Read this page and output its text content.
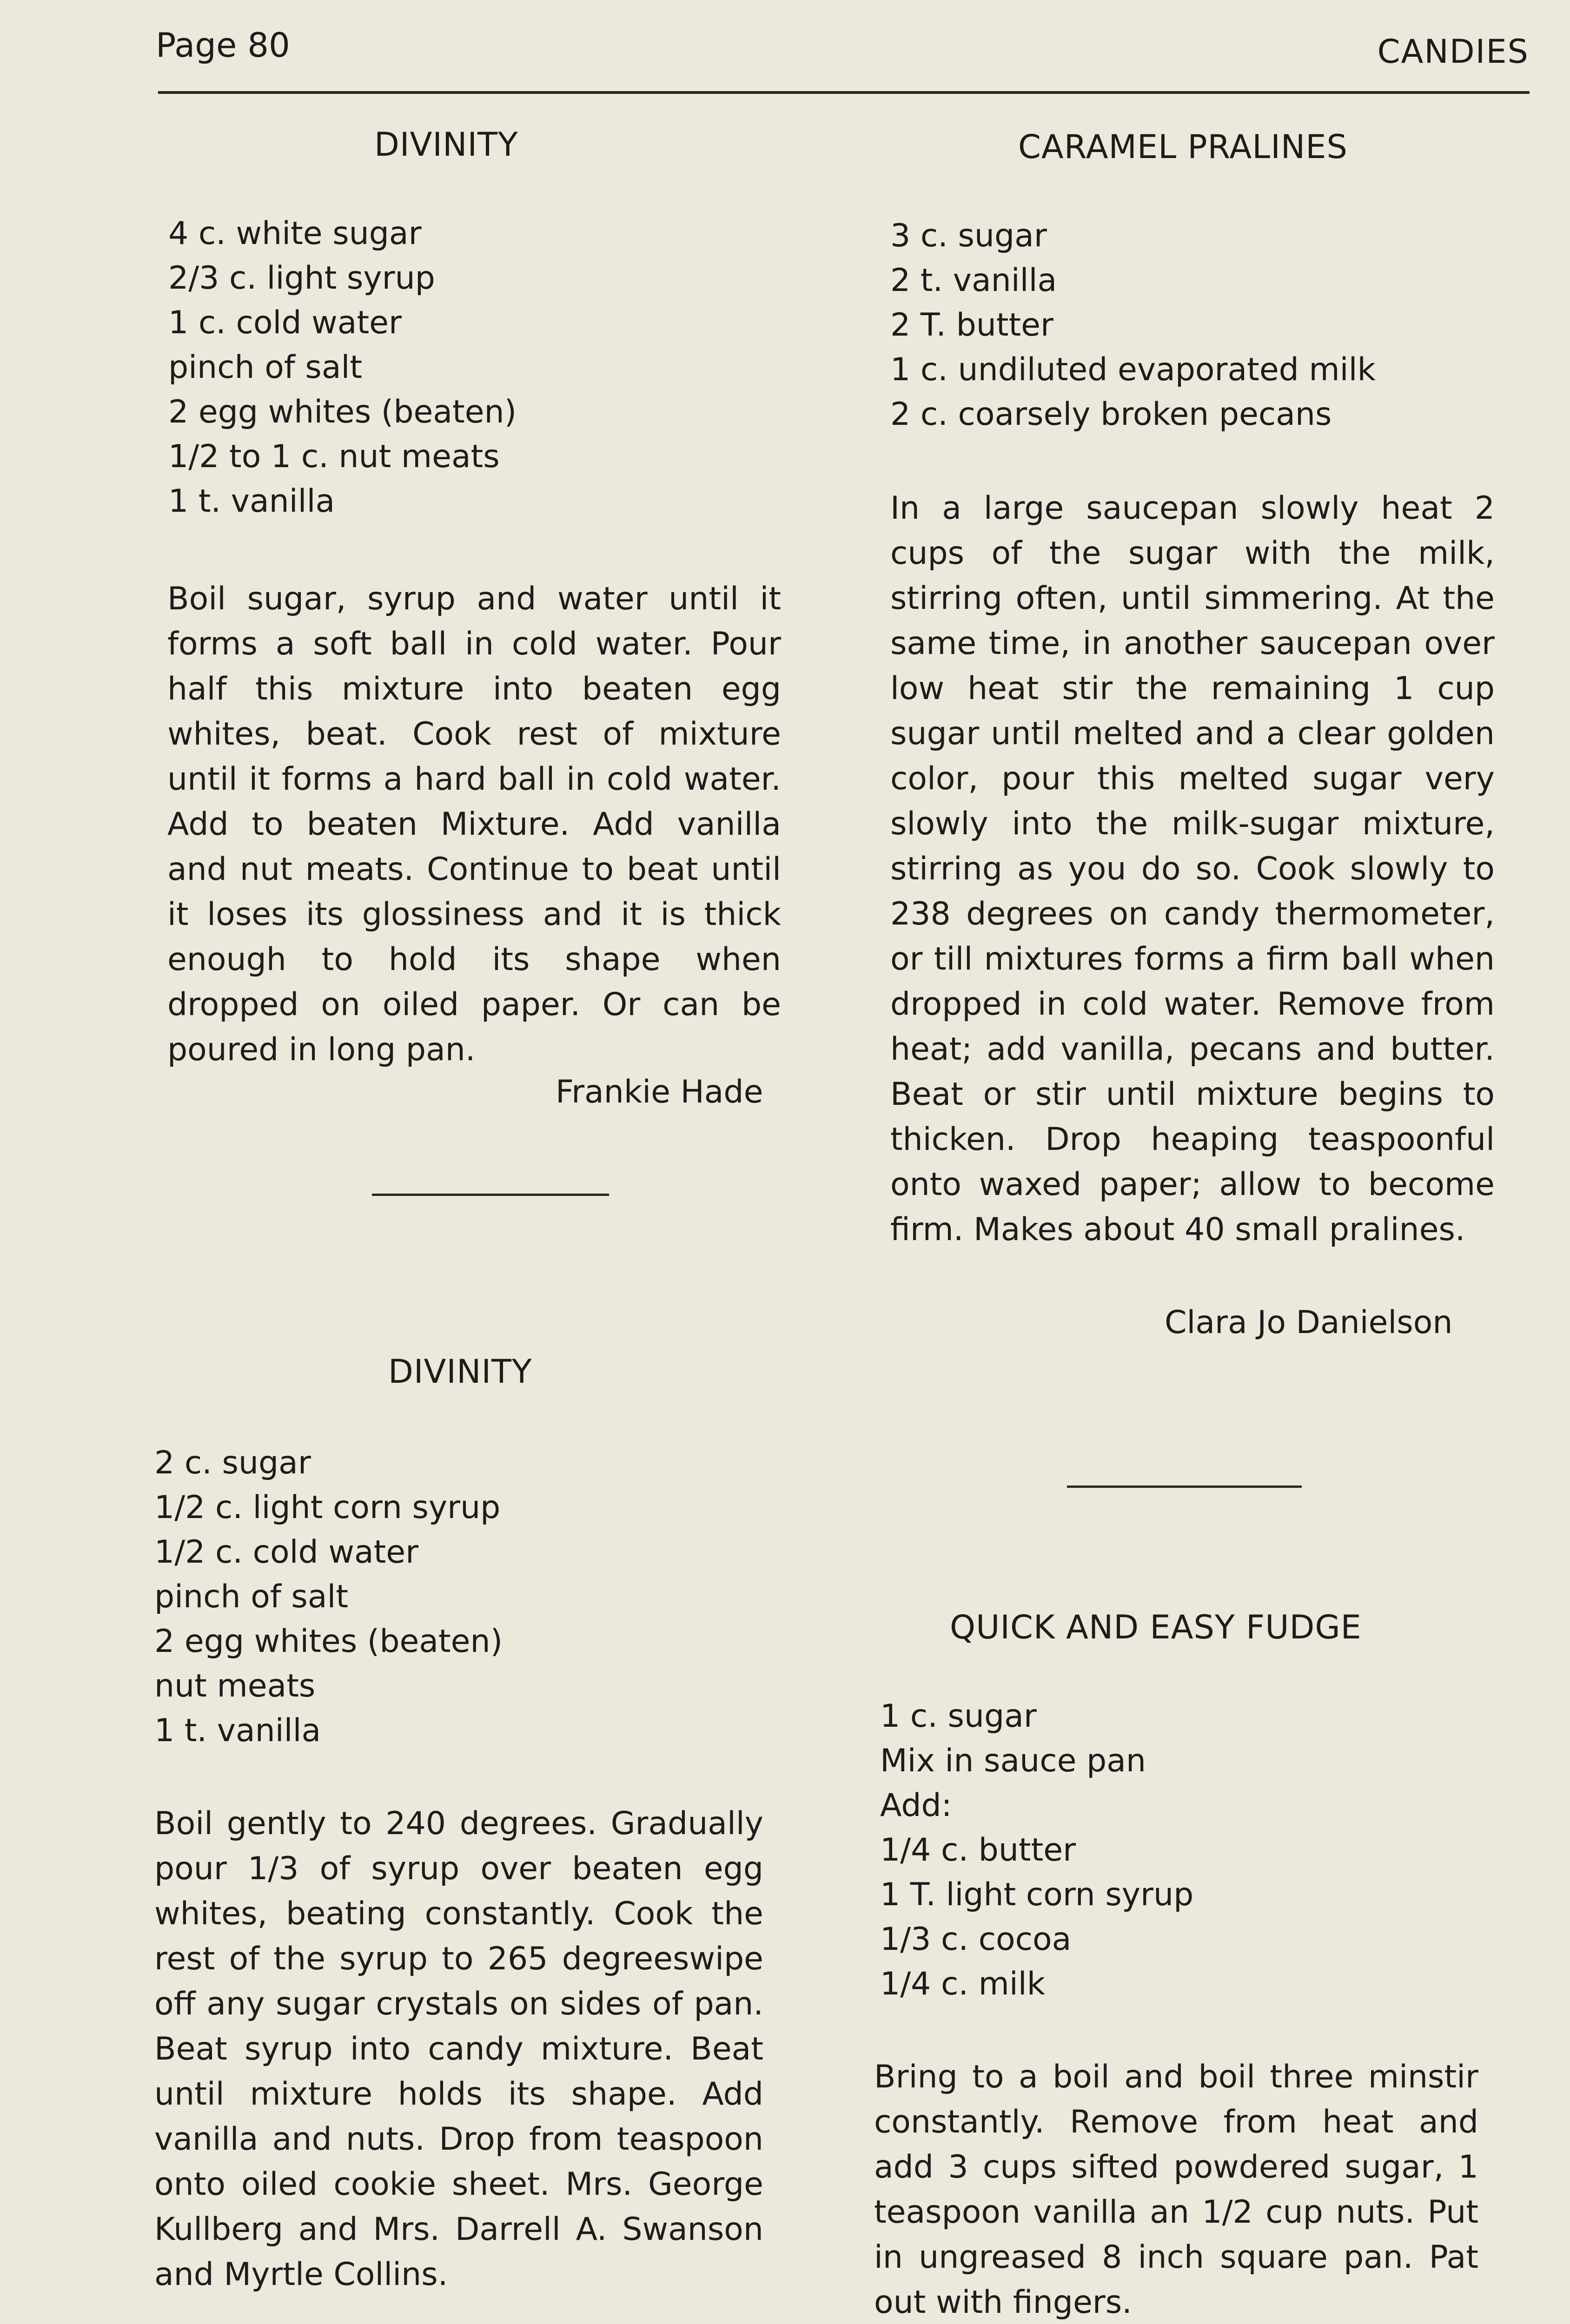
Page 80	CANDIES
DIVINITY
4 c. white sugar
2/3 c. light syrup
1 c. cold water
pinch of salt
2 egg whites (beaten)
1/2 to 1 c. nut meats
1 t. vanilla

Boil sugar, syrup and water until it forms a soft ball in cold water. Pour half this mixture into beaten egg whites, beat. Cook rest of mixture until it forms a hard ball in cold water. Add to beaten Mixture. Add vanilla and nut meats. Continue to beat until it loses its glossiness and it is thick enough to hold its shape when dropped on oiled paper. Or can be poured in long pan.

Frankie Hade
DIVINITY
2 c. sugar
1/2 c. light corn syrup
1/2 c. cold water
pinch of salt
2 egg whites (beaten)
nut meats
1 t. vanilla

Boil gently to 240 degrees. Gradually pour 1/3 of syrup over beaten egg whites, beating constantly. Cook the rest of the syrup to 265 degreeswipe off any sugar crystals on sides of pan. Beat syrup into candy mixture. Beat until mixture holds its shape. Add vanilla and nuts. Drop from teaspoon onto oiled cookie sheet. Mrs. George Kullberg and Mrs. Darrell A. Swanson and Myrtle Collins.

CARAMEL PRALINES
3 c. sugar
2 t. vanilla
2 T. butter
1 c. undiluted evaporated milk
2 c. coarsely broken pecans

In a large saucepan slowly heat 2 cups of the sugar with the milk, stirring often, until simmering. At the same time, in another saucepan over low heat stir the remaining 1 cup sugar until melted and a clear golden color, pour this melted sugar very slowly into the milk-sugar mixture, stirring as you do so. Cook slowly to 238 degrees on candy thermometer, or till mixtures forms a firm ball when dropped in cold water. Remove from heat; add vanilla, pecans and butter. Beat or stir until mixture begins to thicken. Drop heaping teaspoonful onto waxed paper; allow to become firm. Makes about 40 small pralines.

Clara Jo Danielson
QUICK AND EASY FUDGE
1 c. sugar
Mix in sauce pan
Add:
1/4 c. butter
1 T. light corn syrup
1/3 c. cocoa
1/4 c. milk

Bring to a boil and boil three minstir constantly. Remove from heat and add 3 cups sifted powdered sugar, 1 teaspoon vanilla an 1/2 cup nuts. Put in ungreased 8 inch square pan. Pat out with fingers.
